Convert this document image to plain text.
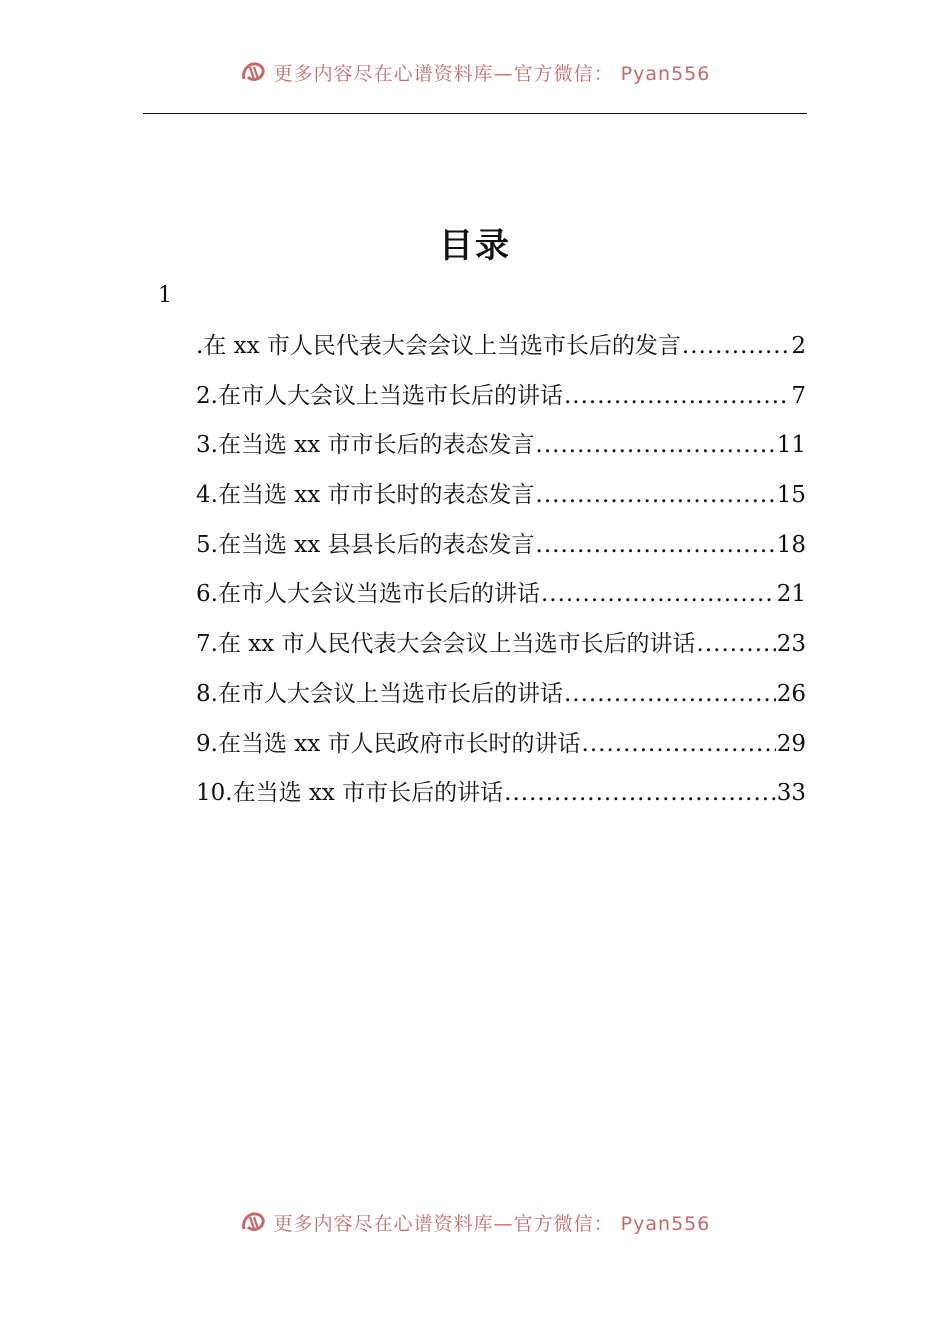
更多内容尽在心谱资料库—官方微信： Pyan556
目录
1
.在 xx 市人民代表大会会议上当选市长后的发言 .....	2
2.在市人大会议上当选市长后的讲话 .....	7
3.在当选 xx 市市长后的表态发言 .....	11
4.在当选 xx 市市长时的表态发言 .....	15
5.在当选 xx 县县长后的表态发言 .....	18
6.在市人大会议当选市长后的讲话 .....	21
7.在 xx 市人民代表大会会议上当选市长后的讲话 .....	23
8.在市人大会议上当选市长后的讲话 .....	26
9.在当选 xx 市人民政府市长时的讲话 .....	29
10.在当选 xx 市市长后的讲话 .....	33
更多内容尽在心谱资料库—官方微信： Pyan556
